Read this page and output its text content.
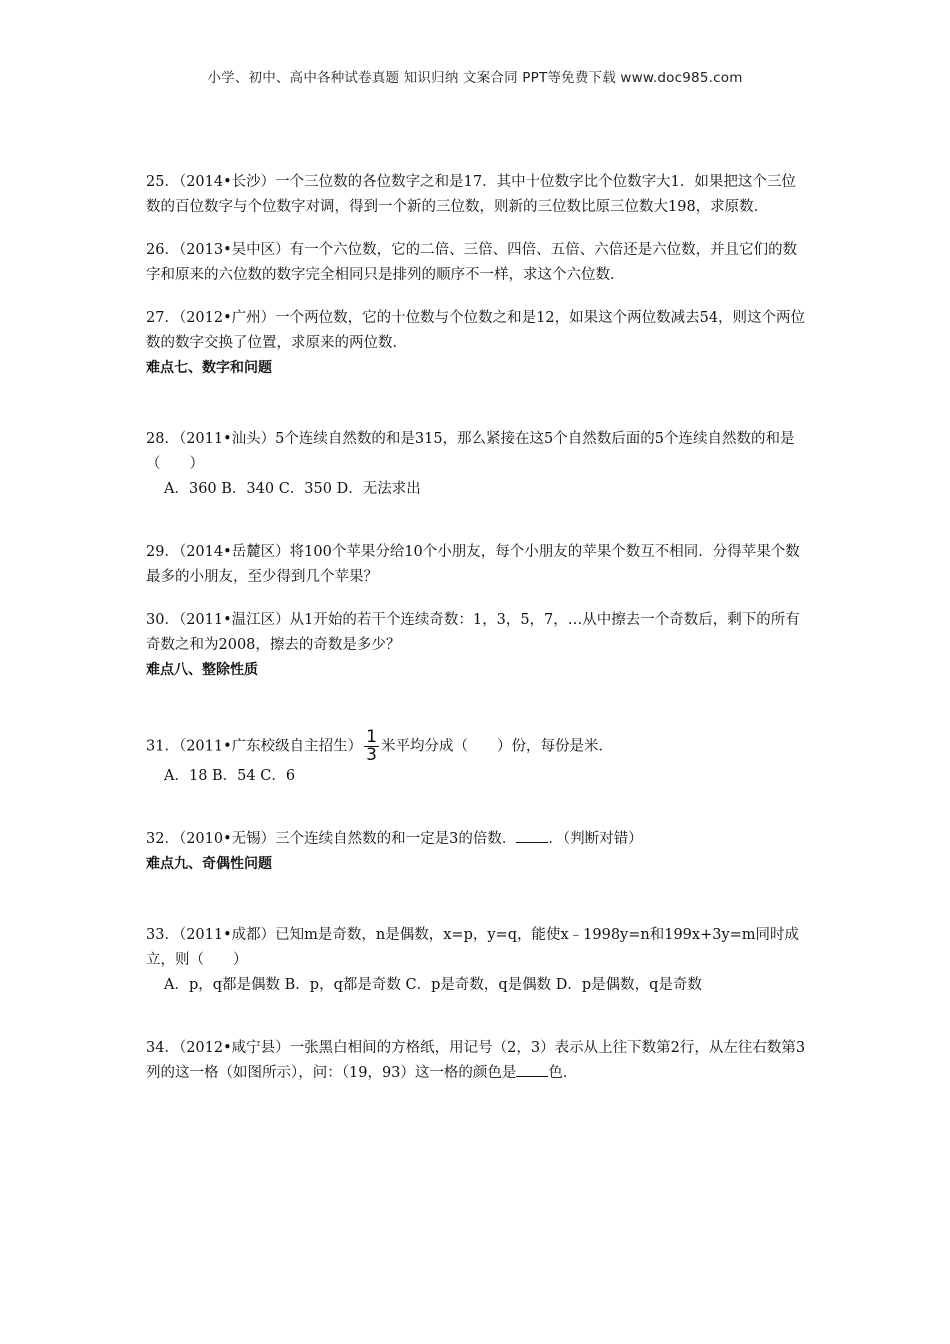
小学、初中、高中各种试卷真题 知识归纳 文案合同 PPT等免费下载 www.doc985.com

25．（2014•长沙）一个三位数的各位数字之和是17．其中十位数字比个位数字大1．如果把这个三位数的百位数字与个位数字对调，得到一个新的三位数，则新的三位数比原三位数大198，求原数．

26．（2013•吴中区）有一个六位数，它的二倍、三倍、四倍、五倍、六倍还是六位数，并且它们的数字和原来的六位数的数字完全相同只是排列的顺序不一样，求这个六位数．

27．（2012•广州）一个两位数，它的十位数与个位数之和是12，如果这个两位数减去54，则这个两位数的数字交换了位置，求原来的两位数．

难点七、数字和问题

28．（2011•汕头）5个连续自然数的和是315，那么紧接在这5个自然数后面的5个连续自然数的和是（　　）

A．360 B．340 C．350 D．无法求出

29．（2014•岳麓区）将100个苹果分给10个小朋友，每个小朋友的苹果个数互不相同．分得苹果个数最多的小朋友，至少得到几个苹果？

30．（2011•温江区）从1开始的若干个连续奇数：1，3，5，7，…从中擦去一个奇数后，剩下的所有奇数之和为2008，擦去的奇数是多少？

难点八、整除性质

31．（2011•广东校级自主招生） $\frac{1}{3}$ 米平均分成（　　）份，每份是米．

A．18 B．54 C．6

32．（2010•无锡）三个连续自然数的和一定是3的倍数． ．（判断对错）

难点九、奇偶性问题

33．（2011•成都）已知m是奇数，n是偶数，x=p，y=q，能使x﹣1998y=n和199x+3y=m同时成立，则（　　）

A．p，q都是偶数 B．p，q都是奇数 C．p是奇数，q是偶数 D．p是偶数，q是奇数

34．（2012•咸宁县）一张黑白相间的方格纸，用记号（2，3）表示从上往下数第2行，从左往右数第3列的这一格（如图所示），问：（19，93）这一格的颜色是 色．
